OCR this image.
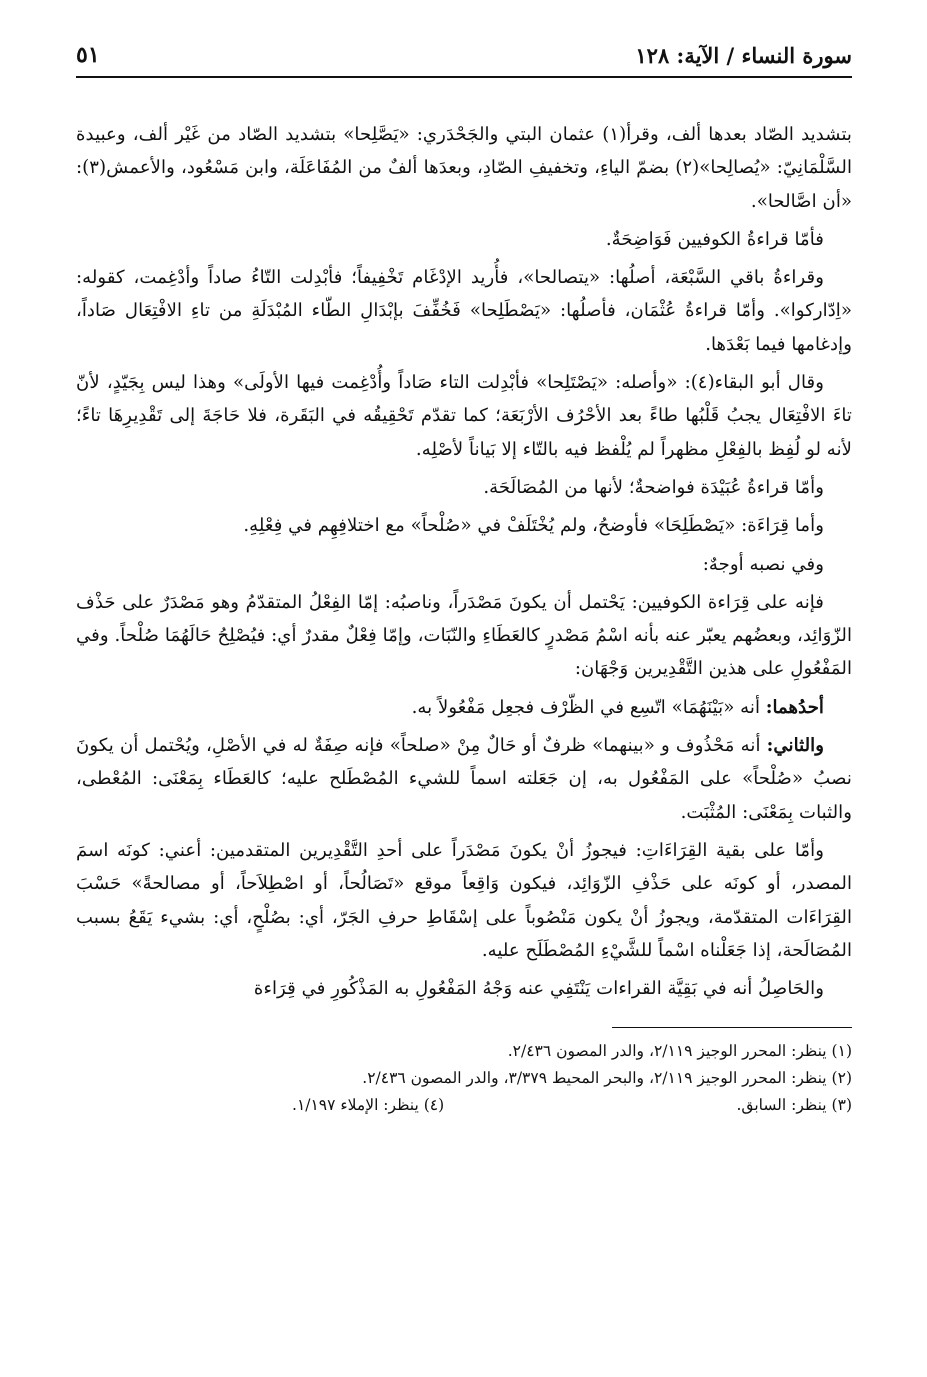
سورة النساء / الآية: ١٢٨
٥١

بتشديد الصّاد بعدها ألف، وقرأ(١) عثمان البتي والجَحْدَري: «يَصَّلِحا» بتشديد الصّاد من غَيْر ألف، وعبيدة السَّلْمَانِيّ: «يُصالِحا»(٢) بضمّ الياءِ، وتخفيفِ الصّادِ، وبعدَها ألفٌ من المُفَاعَلَة، وابن مَسْعُود، والأعمش(٣): «أن اصَّالحا».

فأمّا قراءةُ الكوفيين فَوَاضِحَةٌ.

وقراءةُ باقي السَّبْعَة، أصلُها: «يتصالحا»، فأُريد الإدْغَام تَخْفِيفاً؛ فأبْدِلت التّاءُ صاداً وأدْغِمت، كقوله: «اِدّاركوا». وأمّا قراءةُ عُثْمَان، فأصلُها: «يَصْطَلِحا» فَخُفِّفَ بإبْدَالِ الطّاء المُبْدَلَةِ من تاءِ الافْتِعَال صَاداً، وإدغامها فيما بَعْدَها.

وقال أبو البقاء(٤): «وأصله: «يَصْتَلِحا» فأبْدِلت التاء صَاداً وأُدْغِمت فيها الأولَى» وهذا ليس بِجَيّدٍ، لأنّ تاءَ الافْتِعَال يجبُ قَلْبُها طاءً بعد الأحْرُف الأرْبَعَة؛ كما تقدّم تَحْقِيقُه في البَقَرة، فلا حَاجَةَ إلى تَقْدِيرِهَا تاءً؛ لأنه لو لُفِظ بالفِعْلِ مظهراً لم يُلْفظ فيه بالتّاء إلا بَياناً لأصْلِه.

وأمّا قراءةُ عُبَيْدَة فواضحةٌ؛ لأنها من المُصَالَحَة.

وأما قِرَاءَة: «يَصْطَلِحَا» فأوضحُ، ولم يُخْتَلَفْ في «صُلْحاً» مع اختلافِهِم في فِعْلِهِ.

وفي نصبه أوجهٌ:

فإنه على قِرَاءة الكوفيين: يَحْتمل أن يكونَ مَصْدَراً، وناصبُه: إمّا الفِعْلُ المتقدّمُ وهو مَصْدَرٌ على حَذْف الزّوَائِد، وبعضُهم يعبّر عنه بأنه اسْمُ مَصْدرٍ كالعَطَاءِ والنّبَات، وإمّا فِعْلٌ مقدرٌ أي: فيُصْلِحُ حَالَهُمَا صُلْحاً. وفي المَفْعُولِ على هذين التَّقْدِيرين وَجْهَان:

أحدُهما: أنه «بَيْنَهُمَا» اتّسِع في الظّرْف فجعِل مَفْعُولاً به.

والثاني: أنه مَحْذُوف و «بينهما» ظرفٌ أو حَالٌ مِنْ «صلحاً» فإنه صِفَةٌ له في الأصْلِ، ويُحْتمل أن يكونَ نصبُ «صُلْحاً» على المَفْعُول به، إن جَعَلته اسماً للشيء المُصْطَلح عليه؛ كالعَطَاء بِمَعْنَى: المُعْطى، والثبات بِمَعْنَى: المُثْبَت.

وأمّا على بقية القِرَاءَاتِ: فيجوزُ أنْ يكونَ مَصْدَراً على أحدِ التَّقْدِيرين المتقدمين: أعني: كونَه اسمَ المصدر، أو كونَه على حَذْفِ الزّوَائِد، فيكون وَاقِعاً موقع «تَصَالُحاً، أو اصْطِلاَحاً، أو مصالحةً» حَسْبَ القِرَاءَات المتقدّمة، ويجوزُ أنْ يكون مَنْصُوباً على إسْقَاطِ حرفِ الجَرّ، أي: بصُلْحٍ، أي: بشيء يَقَعُ بسبب المُصَالَحة، إذا جَعَلْناه اسْماً للشَّيْءِ المُصْطَلَح عليه.

والحَاصِلُ أنه في بَقِيَّة القراءات يَنْتَفِي عنه وَجْهُ المَفْعُولِ به المَذْكُورِ في قِرَاءة

(١) ينظر: المحرر الوجيز ٢/١١٩، والدر المصون ٢/٤٣٦.

(٢) ينظر: المحرر الوجيز ٢/١١٩، والبحر المحيط ٣/٣٧٩، والدر المصون ٢/٤٣٦.

(٣) ينظر: السابق.
(٤) ينظر: الإملاء ١/١٩٧.
